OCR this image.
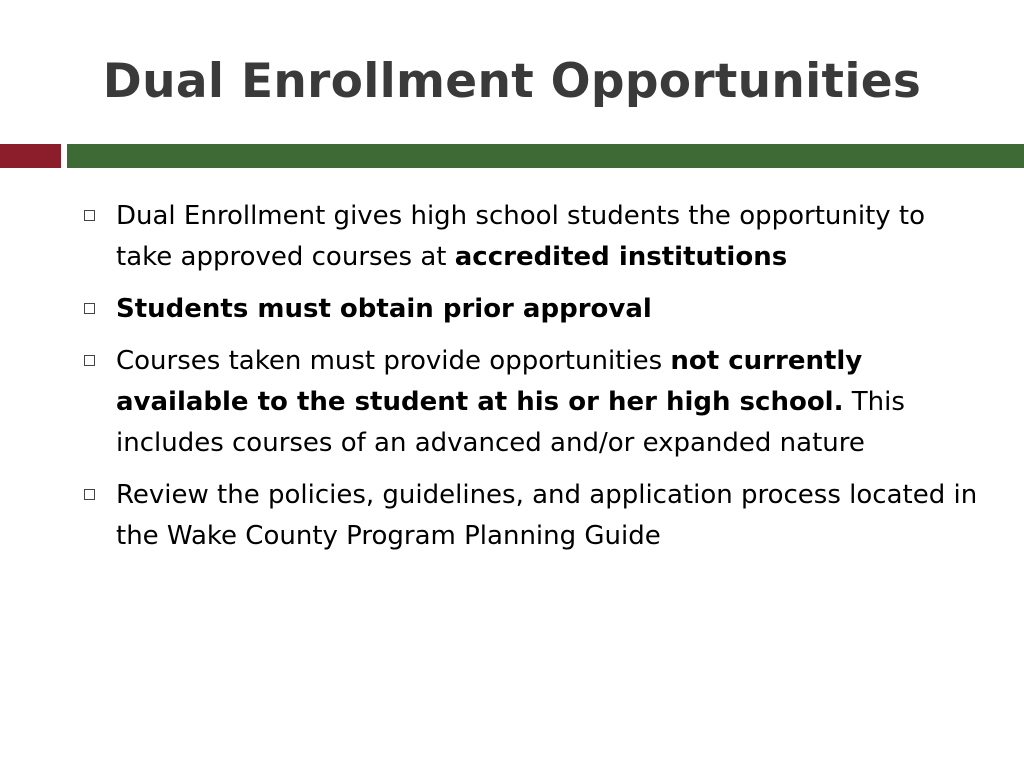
Dual Enrollment Opportunities
Dual Enrollment gives high school students the opportunity to take approved courses at accredited institutions
Students must obtain prior approval
Courses taken must provide opportunities not currently available to the student at his or her high school. This includes courses of an advanced and/or expanded nature
Review the policies, guidelines, and application process located in the Wake County Program Planning Guide
